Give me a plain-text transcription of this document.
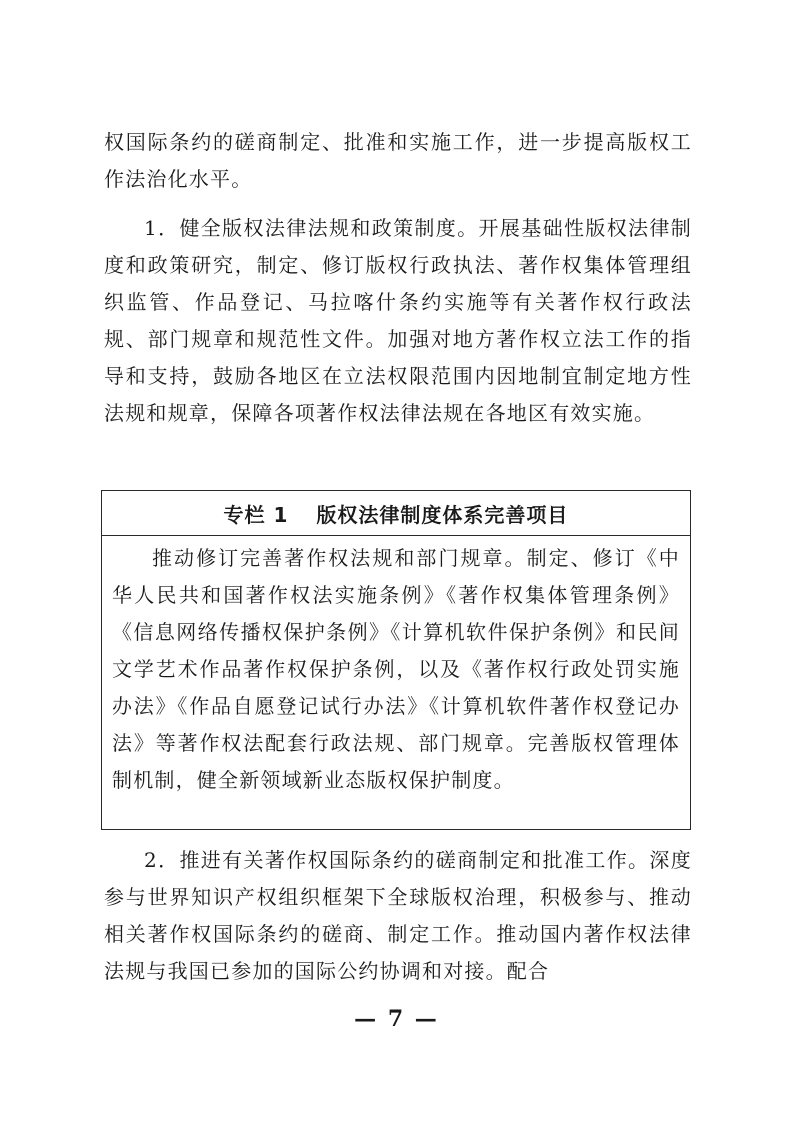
权国际条约的磋商制定、批准和实施工作，进一步提高版权工作法治化水平。

1．健全版权法律法规和政策制度。开展基础性版权法律制度和政策研究，制定、修订版权行政执法、著作权集体管理组织监管、作品登记、马拉喀什条约实施等有关著作权行政法规、部门规章和规范性文件。加强对地方著作权立法工作的指导和支持，鼓励各地区在立法权限范围内因地制宜制定地方性法规和规章，保障各项著作权法律法规在各地区有效实施。

专栏 1 版权法律制度体系完善项目
推动修订完善著作权法规和部门规章。制定、修订《中华人民共和国著作权法实施条例》《著作权集体管理条例》《信息网络传播权保护条例》《计算机软件保护条例》和民间文学艺术作品著作权保护条例，以及《著作权行政处罚实施办法》《作品自愿登记试行办法》《计算机软件著作权登记办法》等著作权法配套行政法规、部门规章。完善版权管理体制机制，健全新领域新业态版权保护制度。

2．推进有关著作权国际条约的磋商制定和批准工作。深度参与世界知识产权组织框架下全球版权治理，积极参与、推动相关著作权国际条约的磋商、制定工作。推动国内著作权法律法规与我国已参加的国际公约协调和对接。配合

— 7 —
